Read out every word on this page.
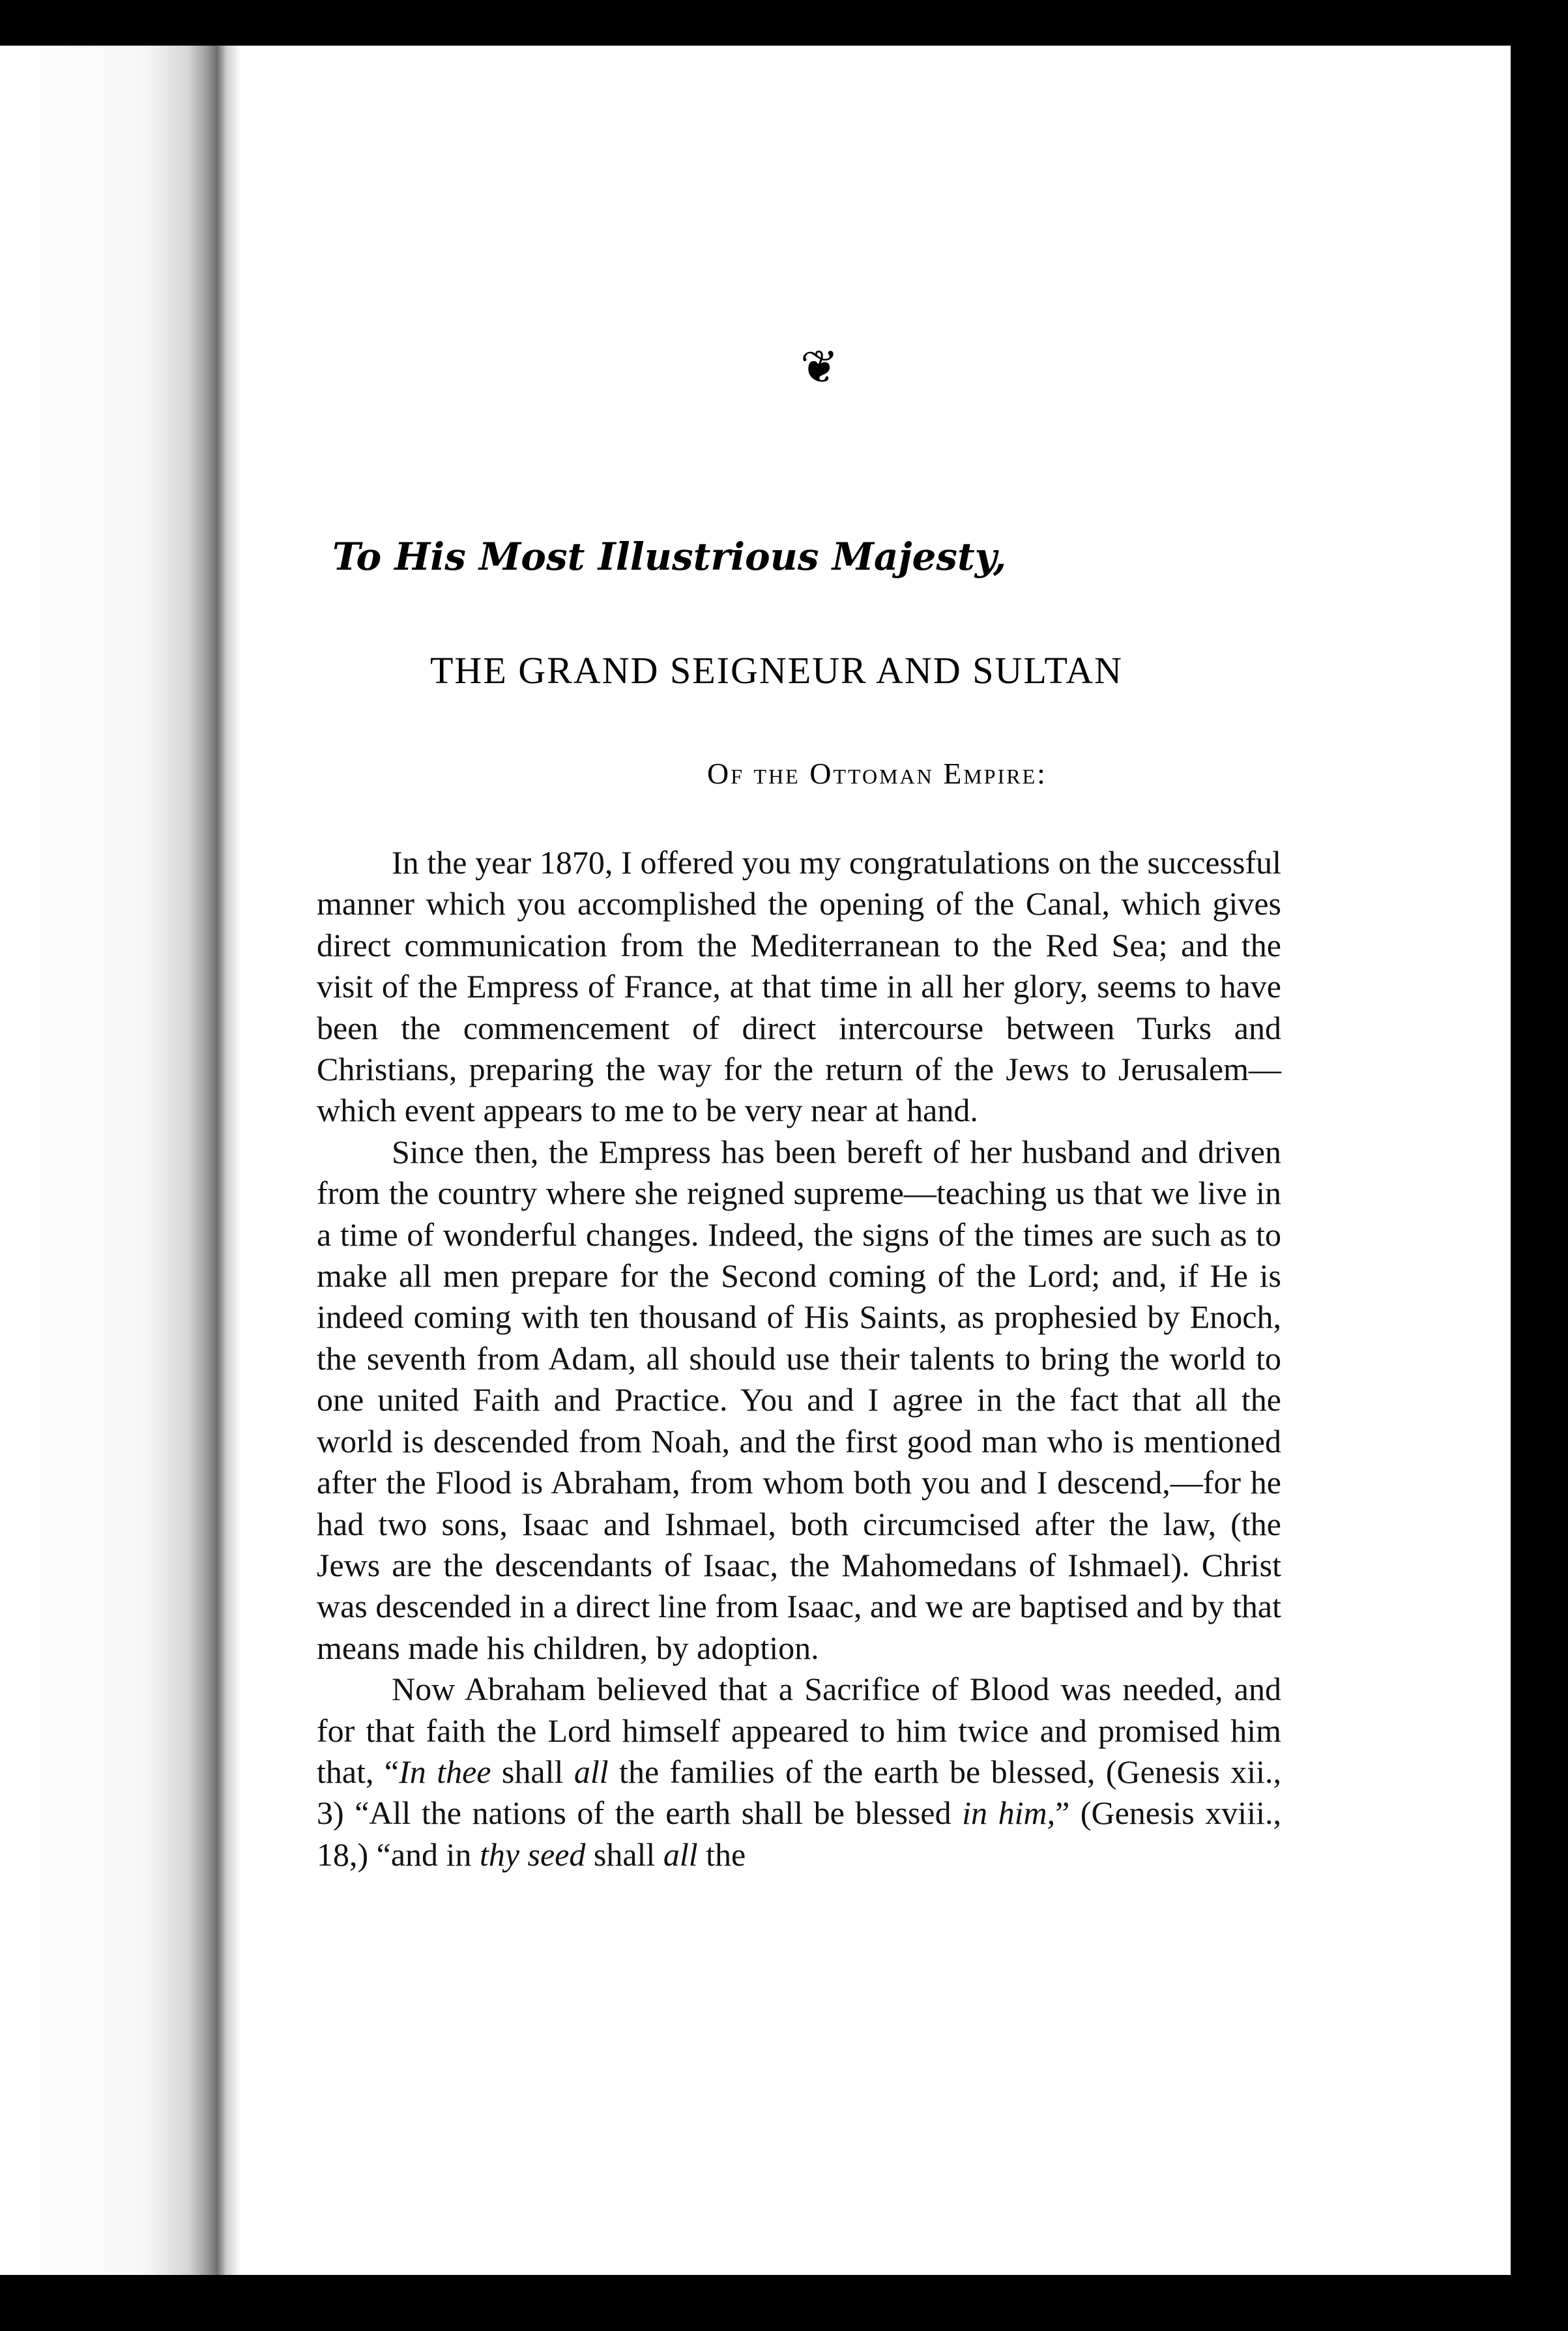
❦
To His Most Illustrious Majesty,
THE GRAND SEIGNEUR AND SULTAN
Of the Ottoman Empire:

In the year 1870, I offered you my congratulations on the successful manner which you accomplished the opening of the Canal, which gives direct communication from the Mediterranean to the Red Sea; and the visit of the Empress of France, at that time in all her glory, seems to have been the commencement of direct intercourse between Turks and Christians, preparing the way for the return of the Jews to Jerusalem—which event appears to me to be very near at hand.

Since then, the Empress has been bereft of her husband and driven from the country where she reigned supreme—teaching us that we live in a time of wonderful changes. Indeed, the signs of the times are such as to make all men prepare for the Second coming of the Lord; and, if He is indeed coming with ten thousand of His Saints, as prophesied by Enoch, the seventh from Adam, all should use their talents to bring the world to one united Faith and Practice. You and I agree in the fact that all the world is descended from Noah, and the first good man who is mentioned after the Flood is Abraham, from whom both you and I descend,—for he had two sons, Isaac and Ishmael, both circumcised after the law, (the Jews are the descendants of Isaac, the Mahomedans of Ishmael). Christ was descended in a direct line from Isaac, and we are baptised and by that means made his children, by adoption.

Now Abraham believed that a Sacrifice of Blood was needed, and for that faith the Lord himself appeared to him twice and promised him that, “In thee shall all the families of the earth be blessed, (Genesis xii., 3) “All the nations of the earth shall be blessed in him,” (Genesis xviii., 18,) “and in thy seed shall all the
